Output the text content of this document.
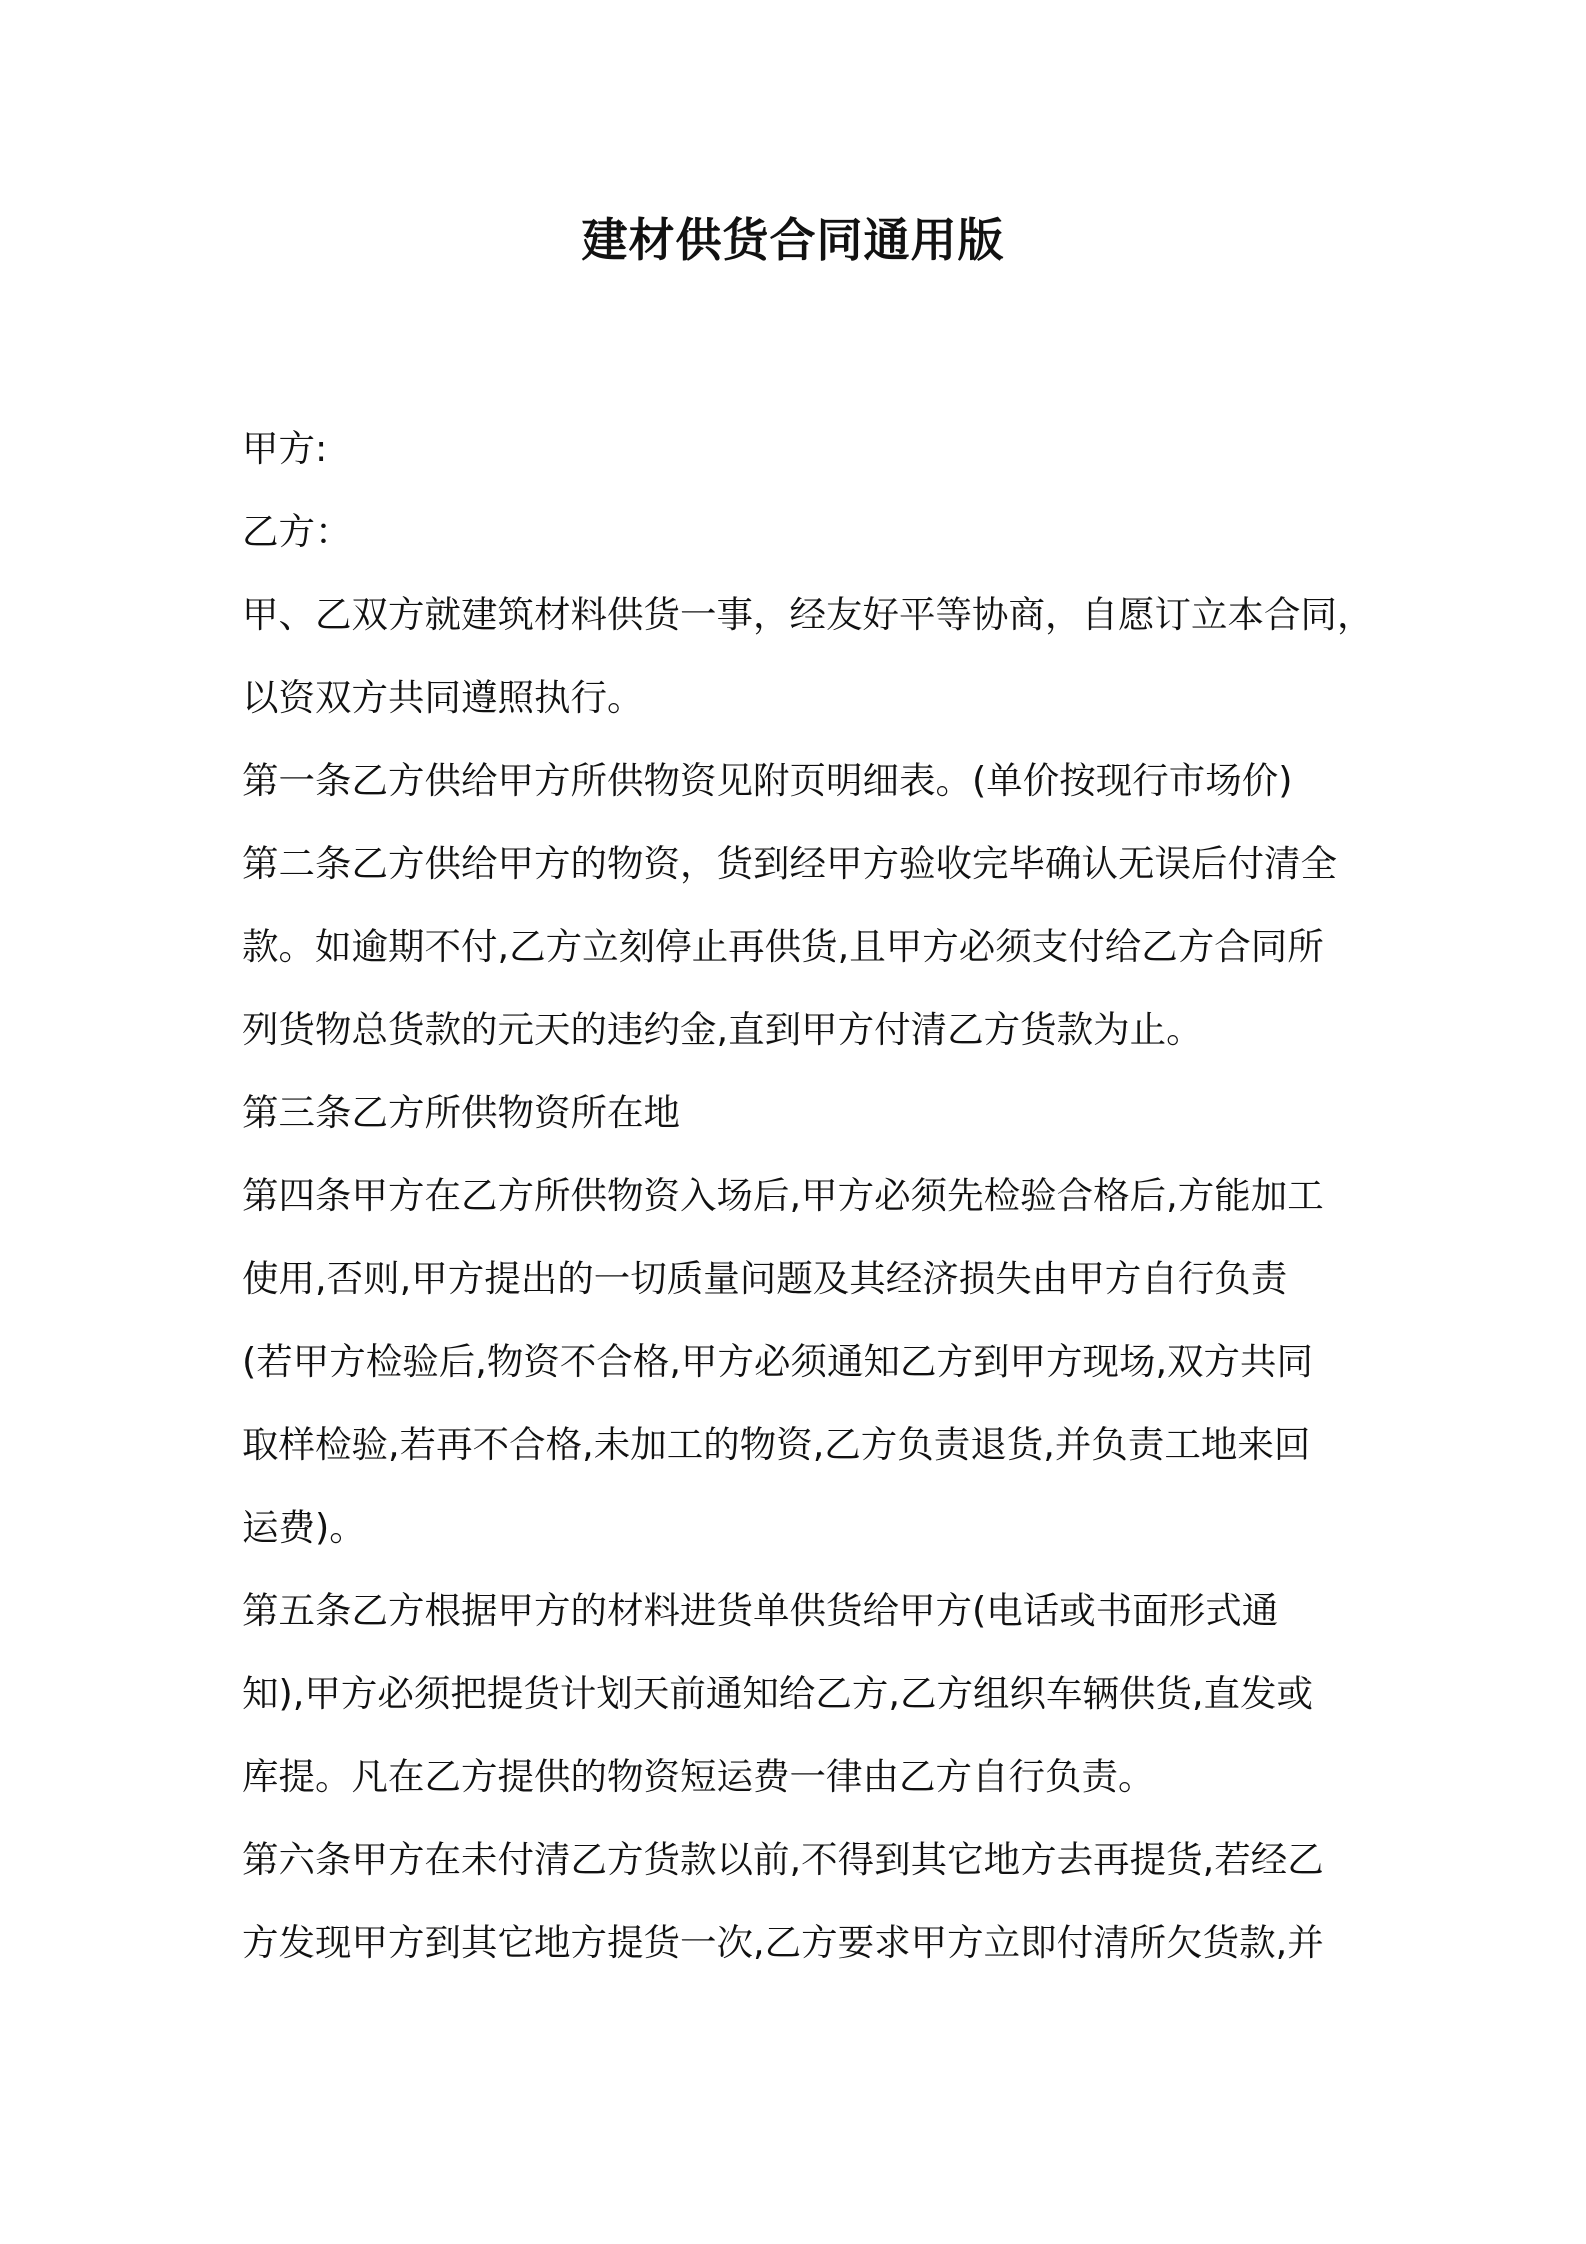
建材供货合同通用版
甲方:
乙方：
甲、乙双方就建筑材料供货一事，经友好平等协商，自愿订立本合同，
以资双方共同遵照执行。
第一条乙方供给甲方所供物资见附页明细表。(单价按现行市场价)
第二条乙方供给甲方的物资，货到经甲方验收完毕确认无误后付清全
款。如逾期不付,乙方立刻停止再供货,且甲方必须支付给乙方合同所
列货物总货款的元天的违约金,直到甲方付清乙方货款为止。
第三条乙方所供物资所在地
第四条甲方在乙方所供物资入场后,甲方必须先检验合格后,方能加工
使用,否则,甲方提出的一切质量问题及其经济损失由甲方自行负责
(若甲方检验后,物资不合格,甲方必须通知乙方到甲方现场,双方共同
取样检验,若再不合格,未加工的物资,乙方负责退货,并负责工地来回
运费)。
第五条乙方根据甲方的材料进货单供货给甲方(电话或书面形式通
知),甲方必须把提货计划天前通知给乙方,乙方组织车辆供货,直发或
库提。凡在乙方提供的物资短运费一律由乙方自行负责。
第六条甲方在未付清乙方货款以前,不得到其它地方去再提货,若经乙
方发现甲方到其它地方提货一次,乙方要求甲方立即付清所欠货款,并
